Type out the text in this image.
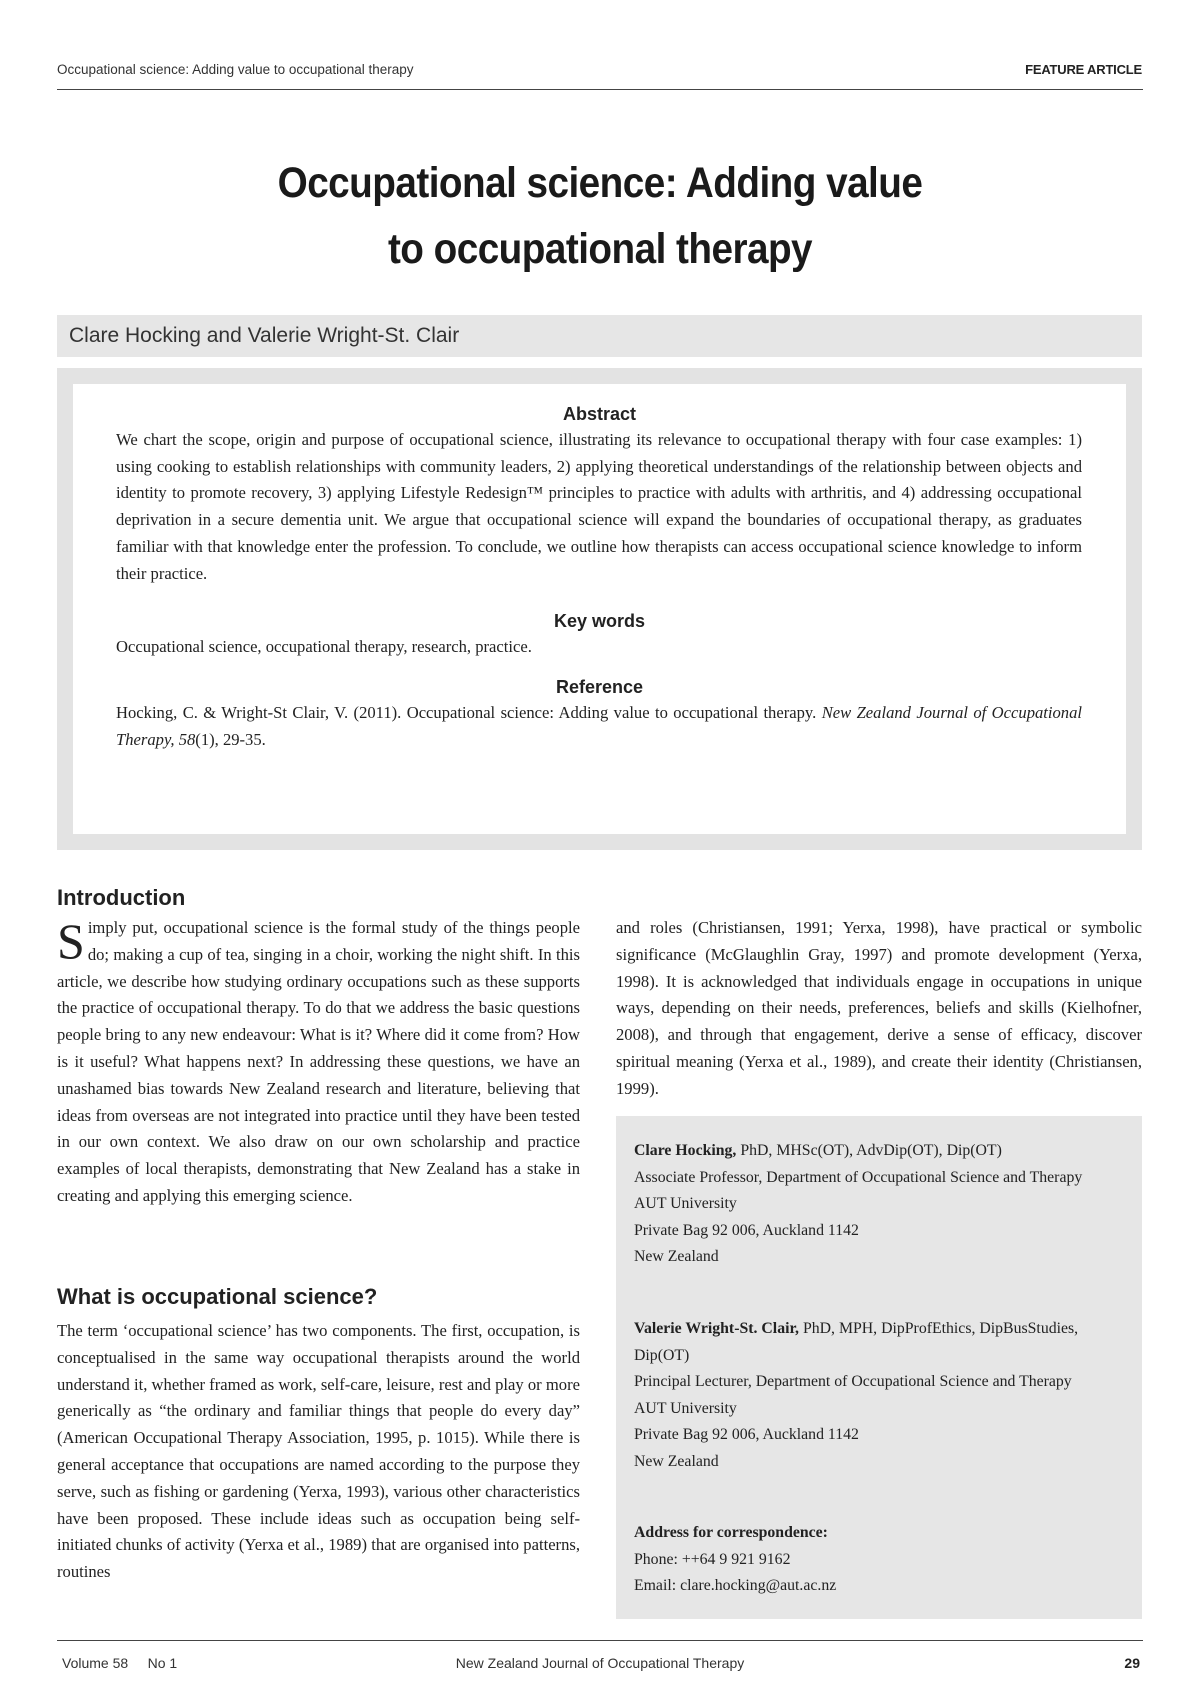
Occupational science: Adding value to occupational therapy	FEATURE ARTICLE
Occupational science: Adding value
to occupational therapy
Clare Hocking and Valerie Wright-St. Clair
Abstract
We chart the scope, origin and purpose of occupational science, illustrating its relevance to occupational therapy with four case examples: 1) using cooking to establish relationships with community leaders, 2) applying theoretical understandings of the relationship between objects and identity to promote recovery, 3) applying Lifestyle Redesign™ principles to practice with adults with arthritis, and 4) addressing occupational deprivation in a secure dementia unit. We argue that occupational science will expand the boundaries of occupational therapy, as graduates familiar with that knowledge enter the profession. To conclude, we outline how therapists can access occupational science knowledge to inform their practice.
Key words
Occupational science, occupational therapy, research, practice.
Reference
Hocking, C. & Wright-St Clair, V. (2011). Occupational science: Adding value to occupational therapy. New Zealand Journal of Occupational Therapy, 58(1), 29-35.
Introduction
Simply put, occupational science is the formal study of the things people do; making a cup of tea, singing in a choir, working the night shift. In this article, we describe how studying ordinary occupations such as these supports the practice of occupational therapy. To do that we address the basic questions people bring to any new endeavour: What is it? Where did it come from? How is it useful? What happens next? In addressing these questions, we have an unashamed bias towards New Zealand research and literature, believing that ideas from overseas are not integrated into practice until they have been tested in our own context. We also draw on our own scholarship and practice examples of local therapists, demonstrating that New Zealand has a stake in creating and applying this emerging science.
What is occupational science?
The term ‘occupational science’ has two components. The first, occupation, is conceptualised in the same way occupational therapists around the world understand it, whether framed as work, self-care, leisure, rest and play or more generically as “the ordinary and familiar things that people do every day” (American Occupational Therapy Association, 1995, p. 1015). While there is general acceptance that occupations are named according to the purpose they serve, such as fishing or gardening (Yerxa, 1993), various other characteristics have been proposed. These include ideas such as occupation being self-initiated chunks of activity (Yerxa et al., 1989) that are organised into patterns, routines
and roles (Christiansen, 1991; Yerxa, 1998), have practical or symbolic significance (McGlaughlin Gray, 1997) and promote development (Yerxa, 1998). It is acknowledged that individuals engage in occupations in unique ways, depending on their needs, preferences, beliefs and skills (Kielhofner, 2008), and through that engagement, derive a sense of efficacy, discover spiritual meaning (Yerxa et al., 1989), and create their identity (Christiansen, 1999).
Clare Hocking, PhD, MHSc(OT), AdvDip(OT), Dip(OT)
Associate Professor, Department of Occupational Science and Therapy
AUT University
Private Bag 92 006, Auckland 1142
New Zealand
Valerie Wright-St. Clair, PhD, MPH, DipProfEthics, DipBusStudies, Dip(OT)
Principal Lecturer, Department of Occupational Science and Therapy
AUT University
Private Bag 92 006, Auckland 1142
New Zealand
Address for correspondence:
Phone: ++64 9 921 9162
Email: clare.hocking@aut.ac.nz
Volume 58     No 1	New Zealand Journal of Occupational Therapy	29
